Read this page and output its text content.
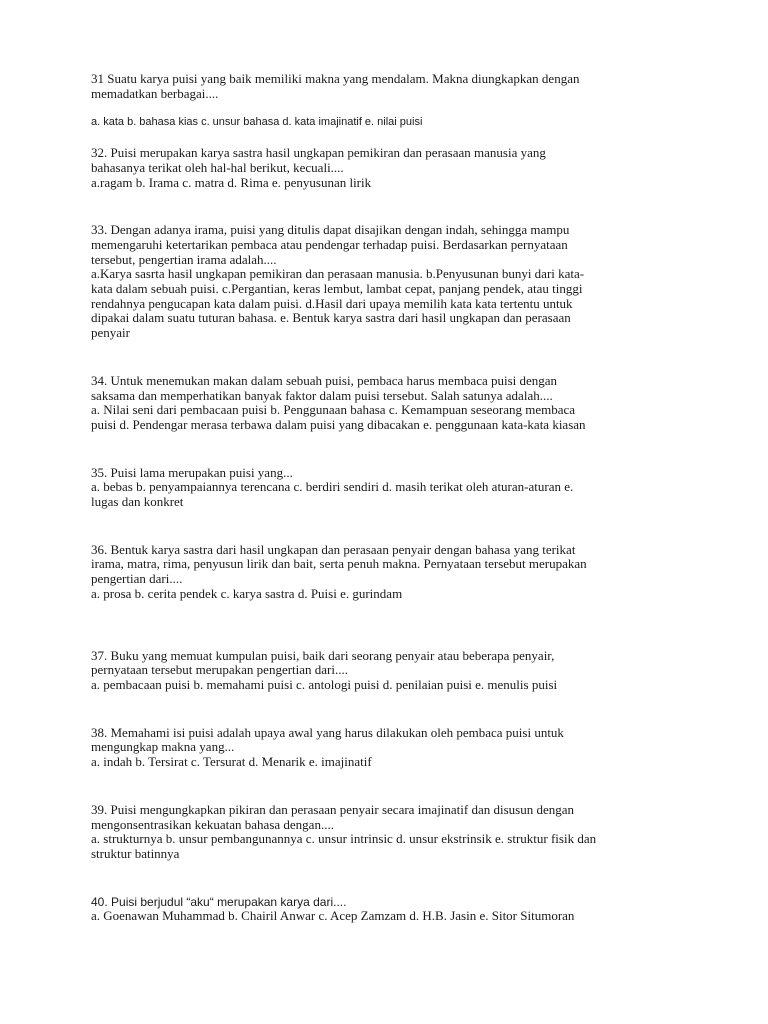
31 Suatu karya puisi yang baik memiliki makna yang mendalam. Makna diungkapkan dengan
memadatkan berbagai....

a. kata b. bahasa kias c. unsur bahasa d. kata imajinatif e. nilai puisi

32. Puisi merupakan karya sastra hasil ungkapan pemikiran dan perasaan manusia yang
bahasanya terikat oleh hal-hal berikut, kecuali....
a.ragam b. Irama c. matra d. Rima e. penyusunan lirik

33. Dengan adanya irama, puisi yang ditulis dapat disajikan dengan indah, sehingga mampu
memengaruhi ketertarikan pembaca atau pendengar terhadap puisi. Berdasarkan pernyataan
tersebut, pengertian irama adalah....
a.Karya sasrta hasil ungkapan pemikiran dan perasaan manusia. b.Penyusunan bunyi dari kata-
kata dalam sebuah puisi. c.Pergantian, keras lembut, lambat cepat, panjang pendek, atau tinggi
rendahnya pengucapan kata dalam puisi. d.Hasil dari upaya memilih kata kata tertentu untuk
dipakai dalam suatu tuturan bahasa. e. Bentuk karya sastra dari hasil ungkapan dan perasaan
penyair

34. Untuk menemukan makan dalam sebuah puisi, pembaca harus membaca puisi dengan
saksama dan memperhatikan banyak faktor dalam puisi tersebut. Salah satunya adalah....
a. Nilai seni dari pembacaan puisi b. Penggunaan bahasa c. Kemampuan seseorang membaca
puisi d. Pendengar merasa terbawa dalam puisi yang dibacakan e. penggunaan kata-kata kiasan

35. Puisi lama merupakan puisi yang...
a. bebas b. penyampaiannya terencana c. berdiri sendiri d. masih terikat oleh aturan-aturan e.
lugas dan konkret

36. Bentuk karya sastra dari hasil ungkapan dan perasaan penyair dengan bahasa yang terikat
irama, matra, rima, penyusun lirik dan bait, serta penuh makna. Pernyataan tersebut merupakan
pengertian dari....
a. prosa b. cerita pendek c. karya sastra d. Puisi e. gurindam

37. Buku yang memuat kumpulan puisi, baik dari seorang penyair atau beberapa penyair,
pernyataan tersebut merupakan pengertian dari....
a. pembacaan puisi b. memahami puisi c. antologi puisi d. penilaian puisi e. menulis puisi

38. Memahami isi puisi adalah upaya awal yang harus dilakukan oleh pembaca puisi untuk
mengungkap makna yang...
a. indah b. Tersirat c. Tersurat d. Menarik e. imajinatif

39. Puisi mengungkapkan pikiran dan perasaan penyair secara imajinatif dan disusun dengan
mengonsentrasikan kekuatan bahasa dengan....
a. strukturnya b. unsur pembangunannya c. unsur intrinsic d. unsur ekstrinsik e. struktur fisik dan
struktur batinnya

40. Puisi berjudul “aku“ merupakan karya dari....

a. Goenawan Muhammad b. Chairil Anwar c. Acep Zamzam d. H.B. Jasin e. Sitor Situmoran
